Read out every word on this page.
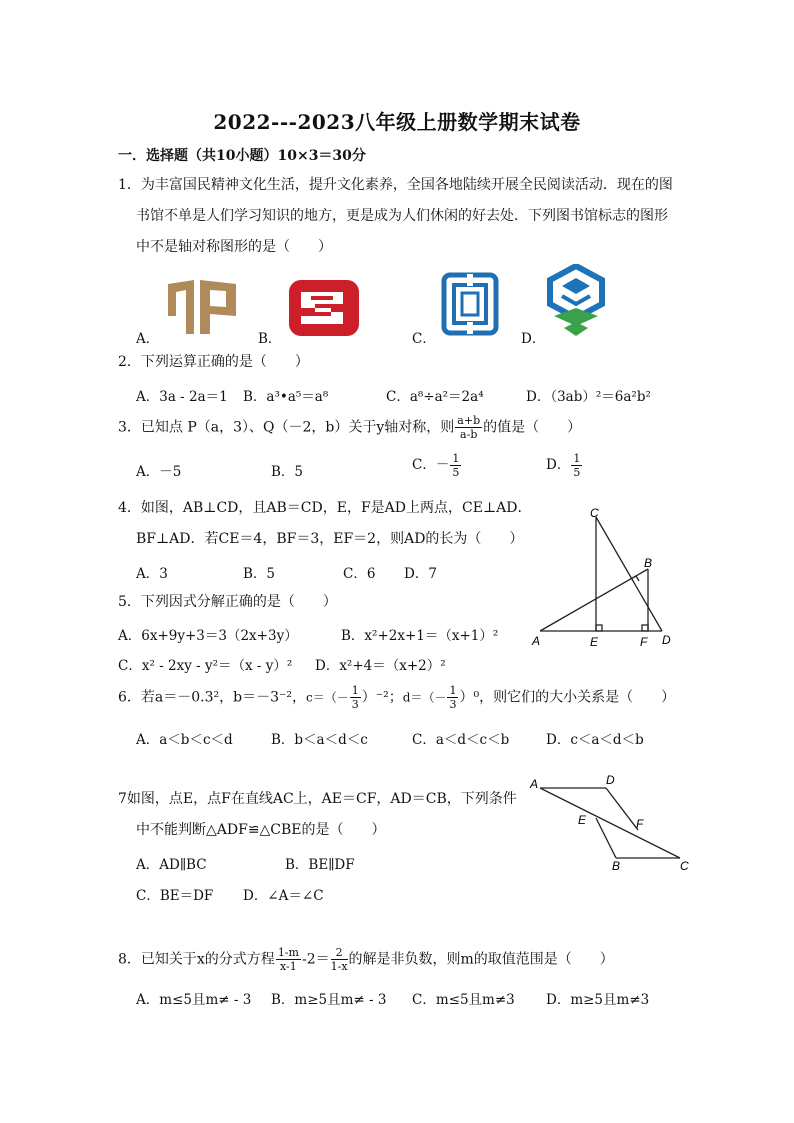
2022---2023八年级上册数学期末试卷
一．选择题（共10小题）10×3＝30分
1．为丰富国民精神文化生活，提升文化素养，全国各地陆续开展全民阅读活动．现在的图
书馆不单是人们学习知识的地方，更是成为人们休闲的好去处．下列图书馆标志的图形
中不是轴对称图形的是（　　）
A．	B．	C．	D．
2．下列运算正确的是（　　）
A．3a - 2a＝1 B．a³•a⁵＝a⁸	C．a⁸÷a²＝2a⁴	D．（3ab）²＝6a²b²
3．已知点 P（a，3）、Q（－2，b）关于y轴对称，则 $\frac{a+b}{a-b}$ 的值是（　　）
A．－5	B．5	C．－ $\frac{1}{5}$	D． $\frac{1}{5}$
4．如图，AB⊥CD，且AB＝CD，E，F是AD上两点，CE⊥AD．
BF⊥AD．若CE＝4，BF＝3，EF＝2，则AD的长为（　　）
A．3	B．5	C．6 D．7
A
C
B
E	F D
5．下列因式分解正确的是（　　）
A．6x+9y+3＝3（2x+3y）	B．x²+2x+1＝（x+1）²
C．x² - 2xy - y²＝（x - y）² D．x²+4＝（x+2）²
6．若a＝－0.3²，b＝－3⁻²，$c=(- \frac{1}{3} )^{-2}$；$d=(- \frac{1}{3} )^0$，则它们的大小关系是（　　）
A．a＜b＜c＜d	B．b＜a＜d＜c	C．a＜d＜c＜b	D．c＜a＜d＜b
7如图，点E，点F在直线AC上，AE＝CF，AD＝CB，下列条件
中不能判断△ADF≌△CBE的是（　　）
A．AD∥BC	B．BE∥DF
C．BE＝DF D．∠A＝∠C
A	D
E	F
B	C
8．已知关于x的分式方程 $\frac{1-m}{x-1} -2= \frac{2}{1-x}$ 的解是非负数，则m的取值范围是（　　）
A．m≤5且m≠ - 3 B．m≥5且m≠ - 3 C．m≤5且m≠3 D．m≥5且m≠3
